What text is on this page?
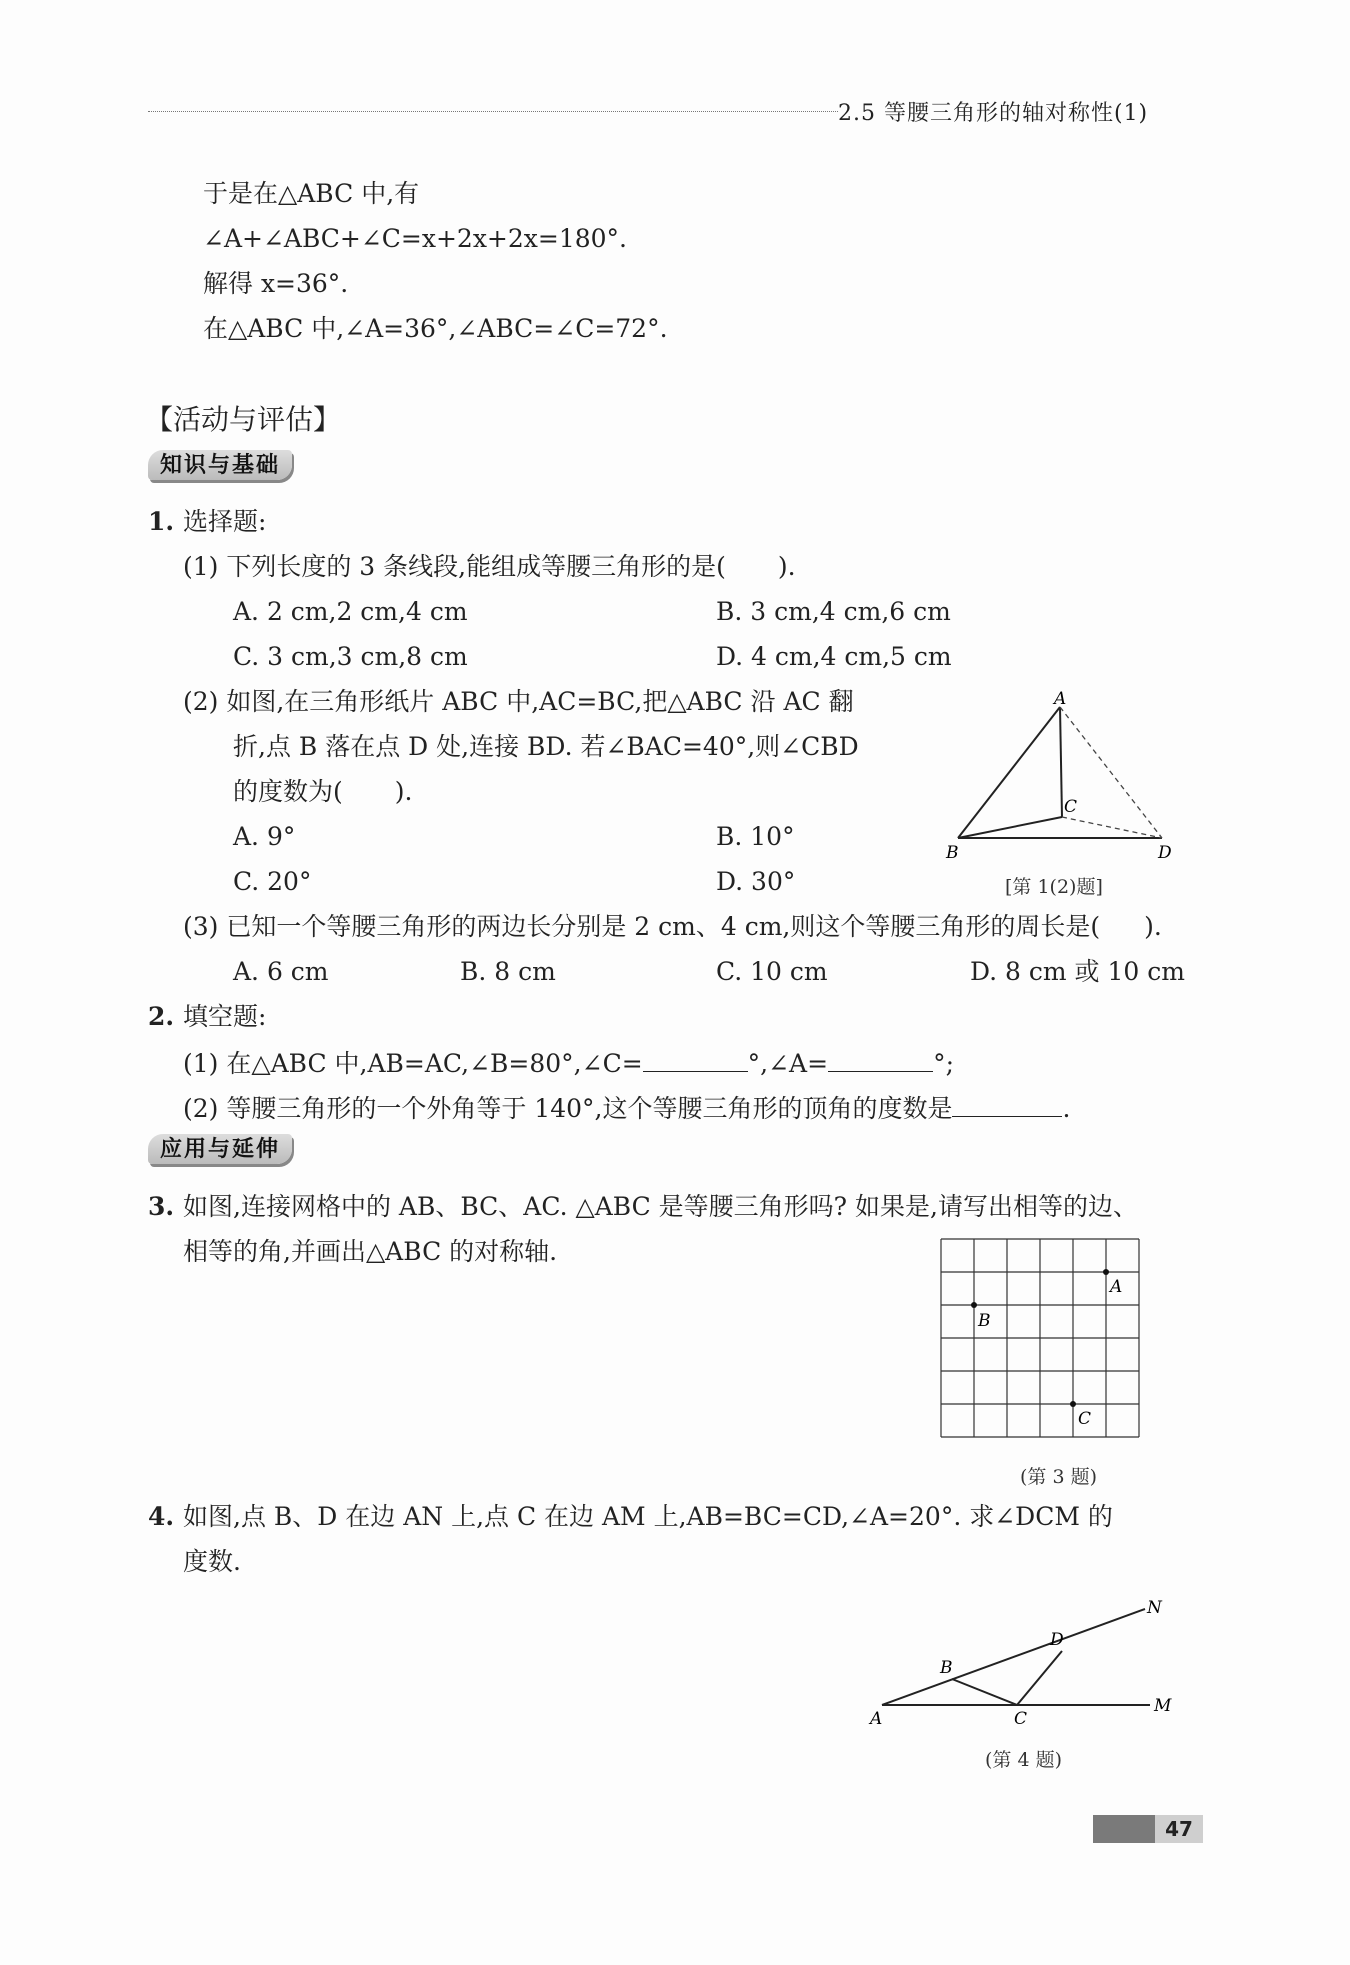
2.5 等腰三角形的轴对称性(1)
于是在△ABC 中,有
∠A+∠ABC+∠C=x+2x+2x=180°.
解得 x=36°.
在△ABC 中,∠A=36°,∠ABC=∠C=72°.
【活动与评估】
知识与基础
1. 选择题:
(1) 下列长度的 3 条线段,能组成等腰三角形的是( ).
A. 2 cm,2 cm,4 cm	B. 3 cm,4 cm,6 cm
C. 3 cm,3 cm,8 cm	D. 4 cm,4 cm,5 cm
(2) 如图,在三角形纸片 ABC 中,AC=BC,把△ABC 沿 AC 翻
折,点 B 落在点 D 处,连接 BD. 若∠BAC=40°,则∠CBD
的度数为( ).
A. 9°	B. 10°
C. 20°	D. 30°
A
B
C
D
[第 1(2)题]
(3) 已知一个等腰三角形的两边长分别是 2 cm、4 cm,则这个等腰三角形的周长是( ).
A. 6 cm	B. 8 cm	C. 10 cm	D. 8 cm 或 10 cm
2. 填空题:
(1) 在△ABC 中,AB=AC,∠B=80°,∠C=	°,∠A=	°;
(2) 等腰三角形的一个外角等于 140°,这个等腰三角形的顶角的度数是	.
应用与延伸
3. 如图,连接网格中的 AB、BC、AC. △ABC 是等腰三角形吗? 如果是,请写出相等的边、
相等的角,并画出△ABC 的对称轴.
A
B
C
(第 3 题)
4. 如图,点 B、D 在边 AN 上,点 C 在边 AM 上,AB=BC=CD,∠A=20°. 求∠DCM 的
度数.
A
B
C
D
M
N
(第 4 题)
47
